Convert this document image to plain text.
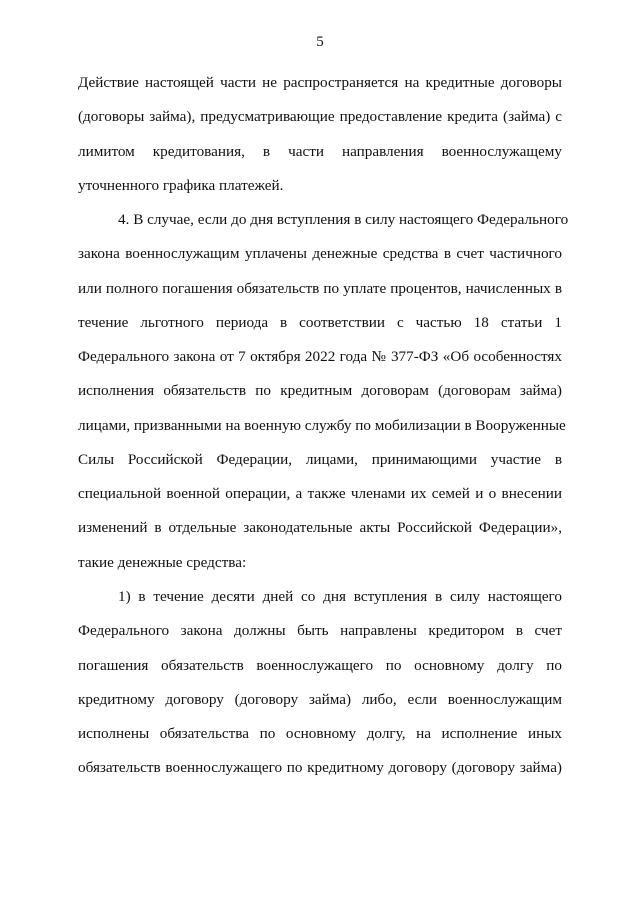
5
Действие настоящей части не распространяется на кредитные договоры
(договоры займа), предусматривающие предоставление кредита (займа) с
лимитом кредитования, в части направления военнослужащему
уточненного графика платежей.
4. В случае, если до дня вступления в силу настоящего Федерального
закона военнослужащим уплачены денежные средства в счет частичного
или полного погашения обязательств по уплате процентов, начисленных в
течение льготного периода в соответствии с частью 18 статьи 1
Федерального закона от 7 октября 2022 года № 377-ФЗ «Об особенностях
исполнения обязательств по кредитным договорам (договорам займа)
лицами, призванными на военную службу по мобилизации в Вооруженные
Силы Российской Федерации, лицами, принимающими участие в
специальной военной операции, а также членами их семей и о внесении
изменений в отдельные законодательные акты Российской Федерации»,
такие денежные средства:
1) в течение десяти дней со дня вступления в силу настоящего
Федерального закона должны быть направлены кредитором в счет
погашения обязательств военнослужащего по основному долгу по
кредитному договору (договору займа) либо, если военнослужащим
исполнены обязательства по основному долгу, на исполнение иных
обязательств военнослужащего по кредитному договору (договору займа)
